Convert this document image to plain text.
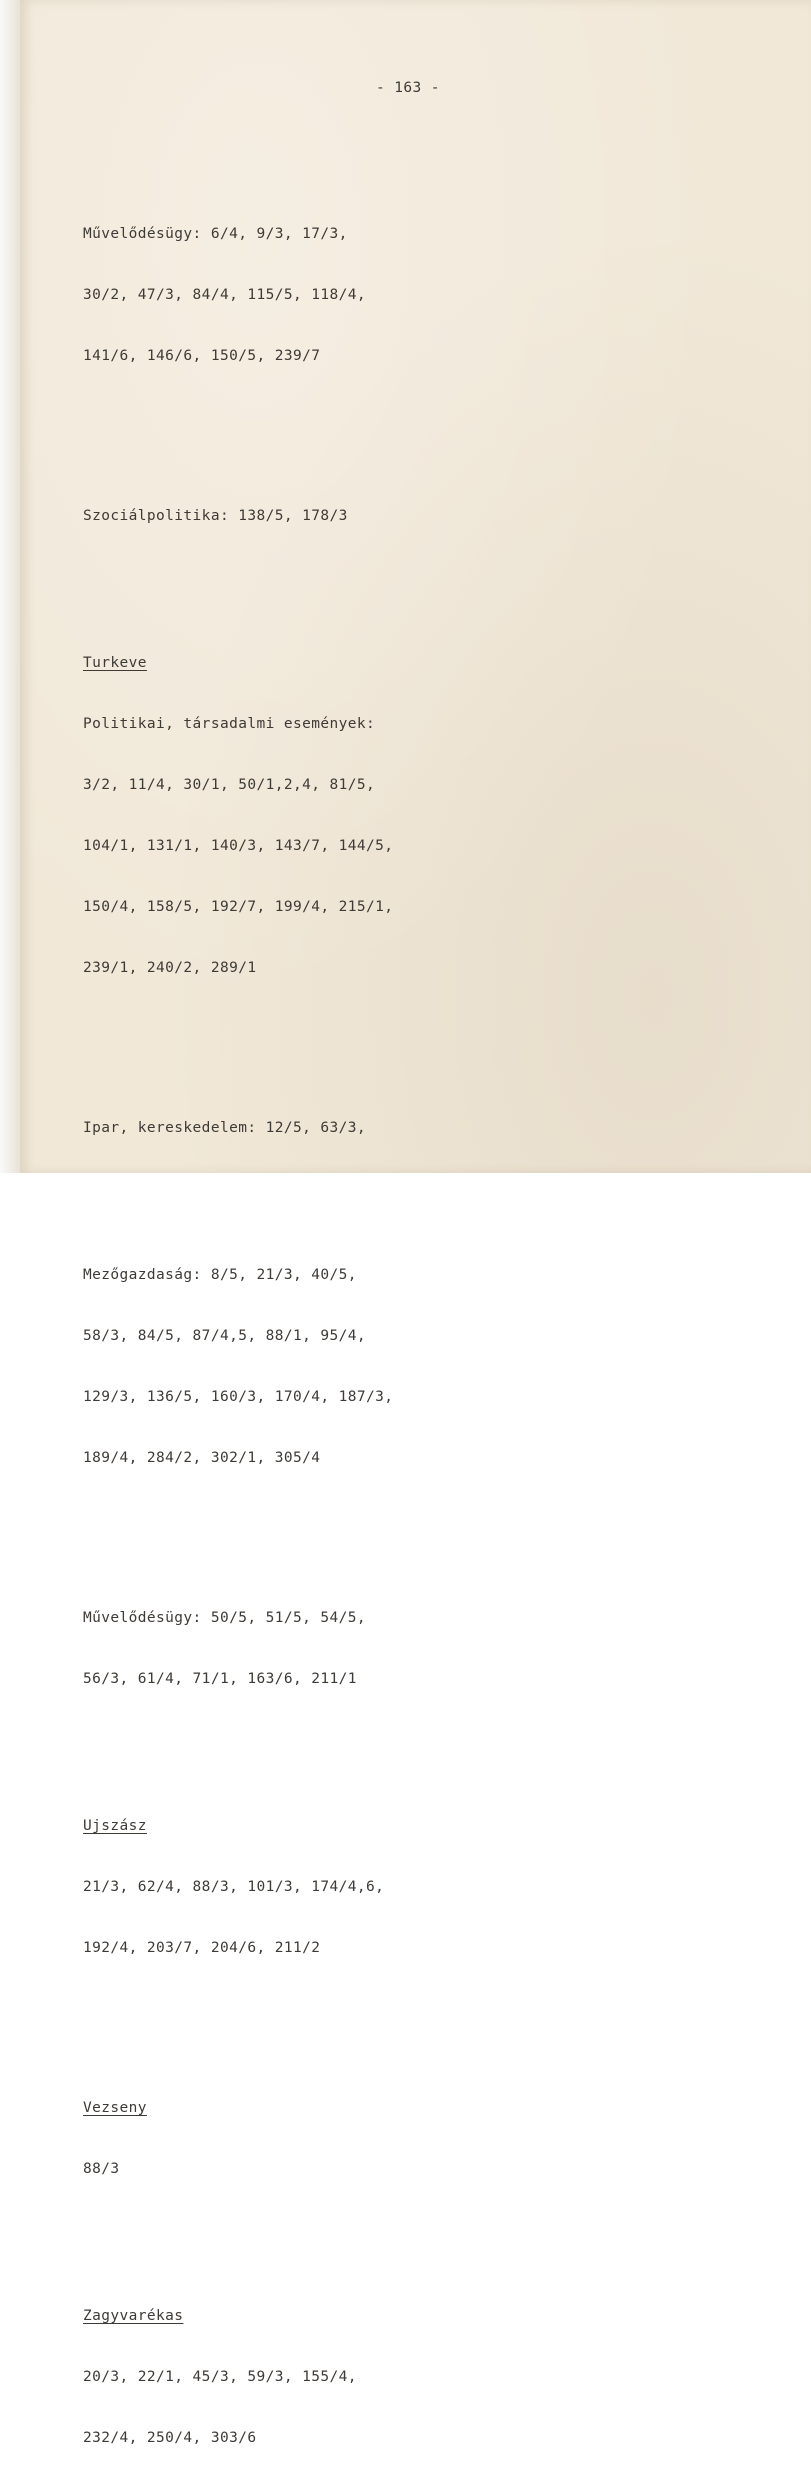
- 163 -

Művelődésügy: 6/4, 9/3, 17/3,

30/2, 47/3, 84/4, 115/5, 118/4,

141/6, 146/6, 150/5, 239/7

Szociálpolitika: 138/5, 178/3

Turkeve

Politikai, társadalmi események:

3/2, 11/4, 30/1, 50/1,2,4, 81/5,

104/1, 131/1, 140/3, 143/7, 144/5,

150/4, 158/5, 192/7, 199/4, 215/1,

239/1, 240/2, 289/1

Ipar, kereskedelem: 12/5, 63/3,

Mezőgazdaság: 8/5, 21/3, 40/5,

58/3, 84/5, 87/4,5, 88/1, 95/4,

129/3, 136/5, 160/3, 170/4, 187/3,

189/4, 284/2, 302/1, 305/4

Művelődésügy: 50/5, 51/5, 54/5,

56/3, 61/4, 71/1, 163/6, 211/1

Ujszász

21/3, 62/4, 88/3, 101/3, 174/4,6,

192/4, 203/7, 204/6, 211/2

Vezseny

88/3

Zagyvarékas

20/3, 22/1, 45/3, 59/3, 155/4,

232/4, 250/4, 303/6
